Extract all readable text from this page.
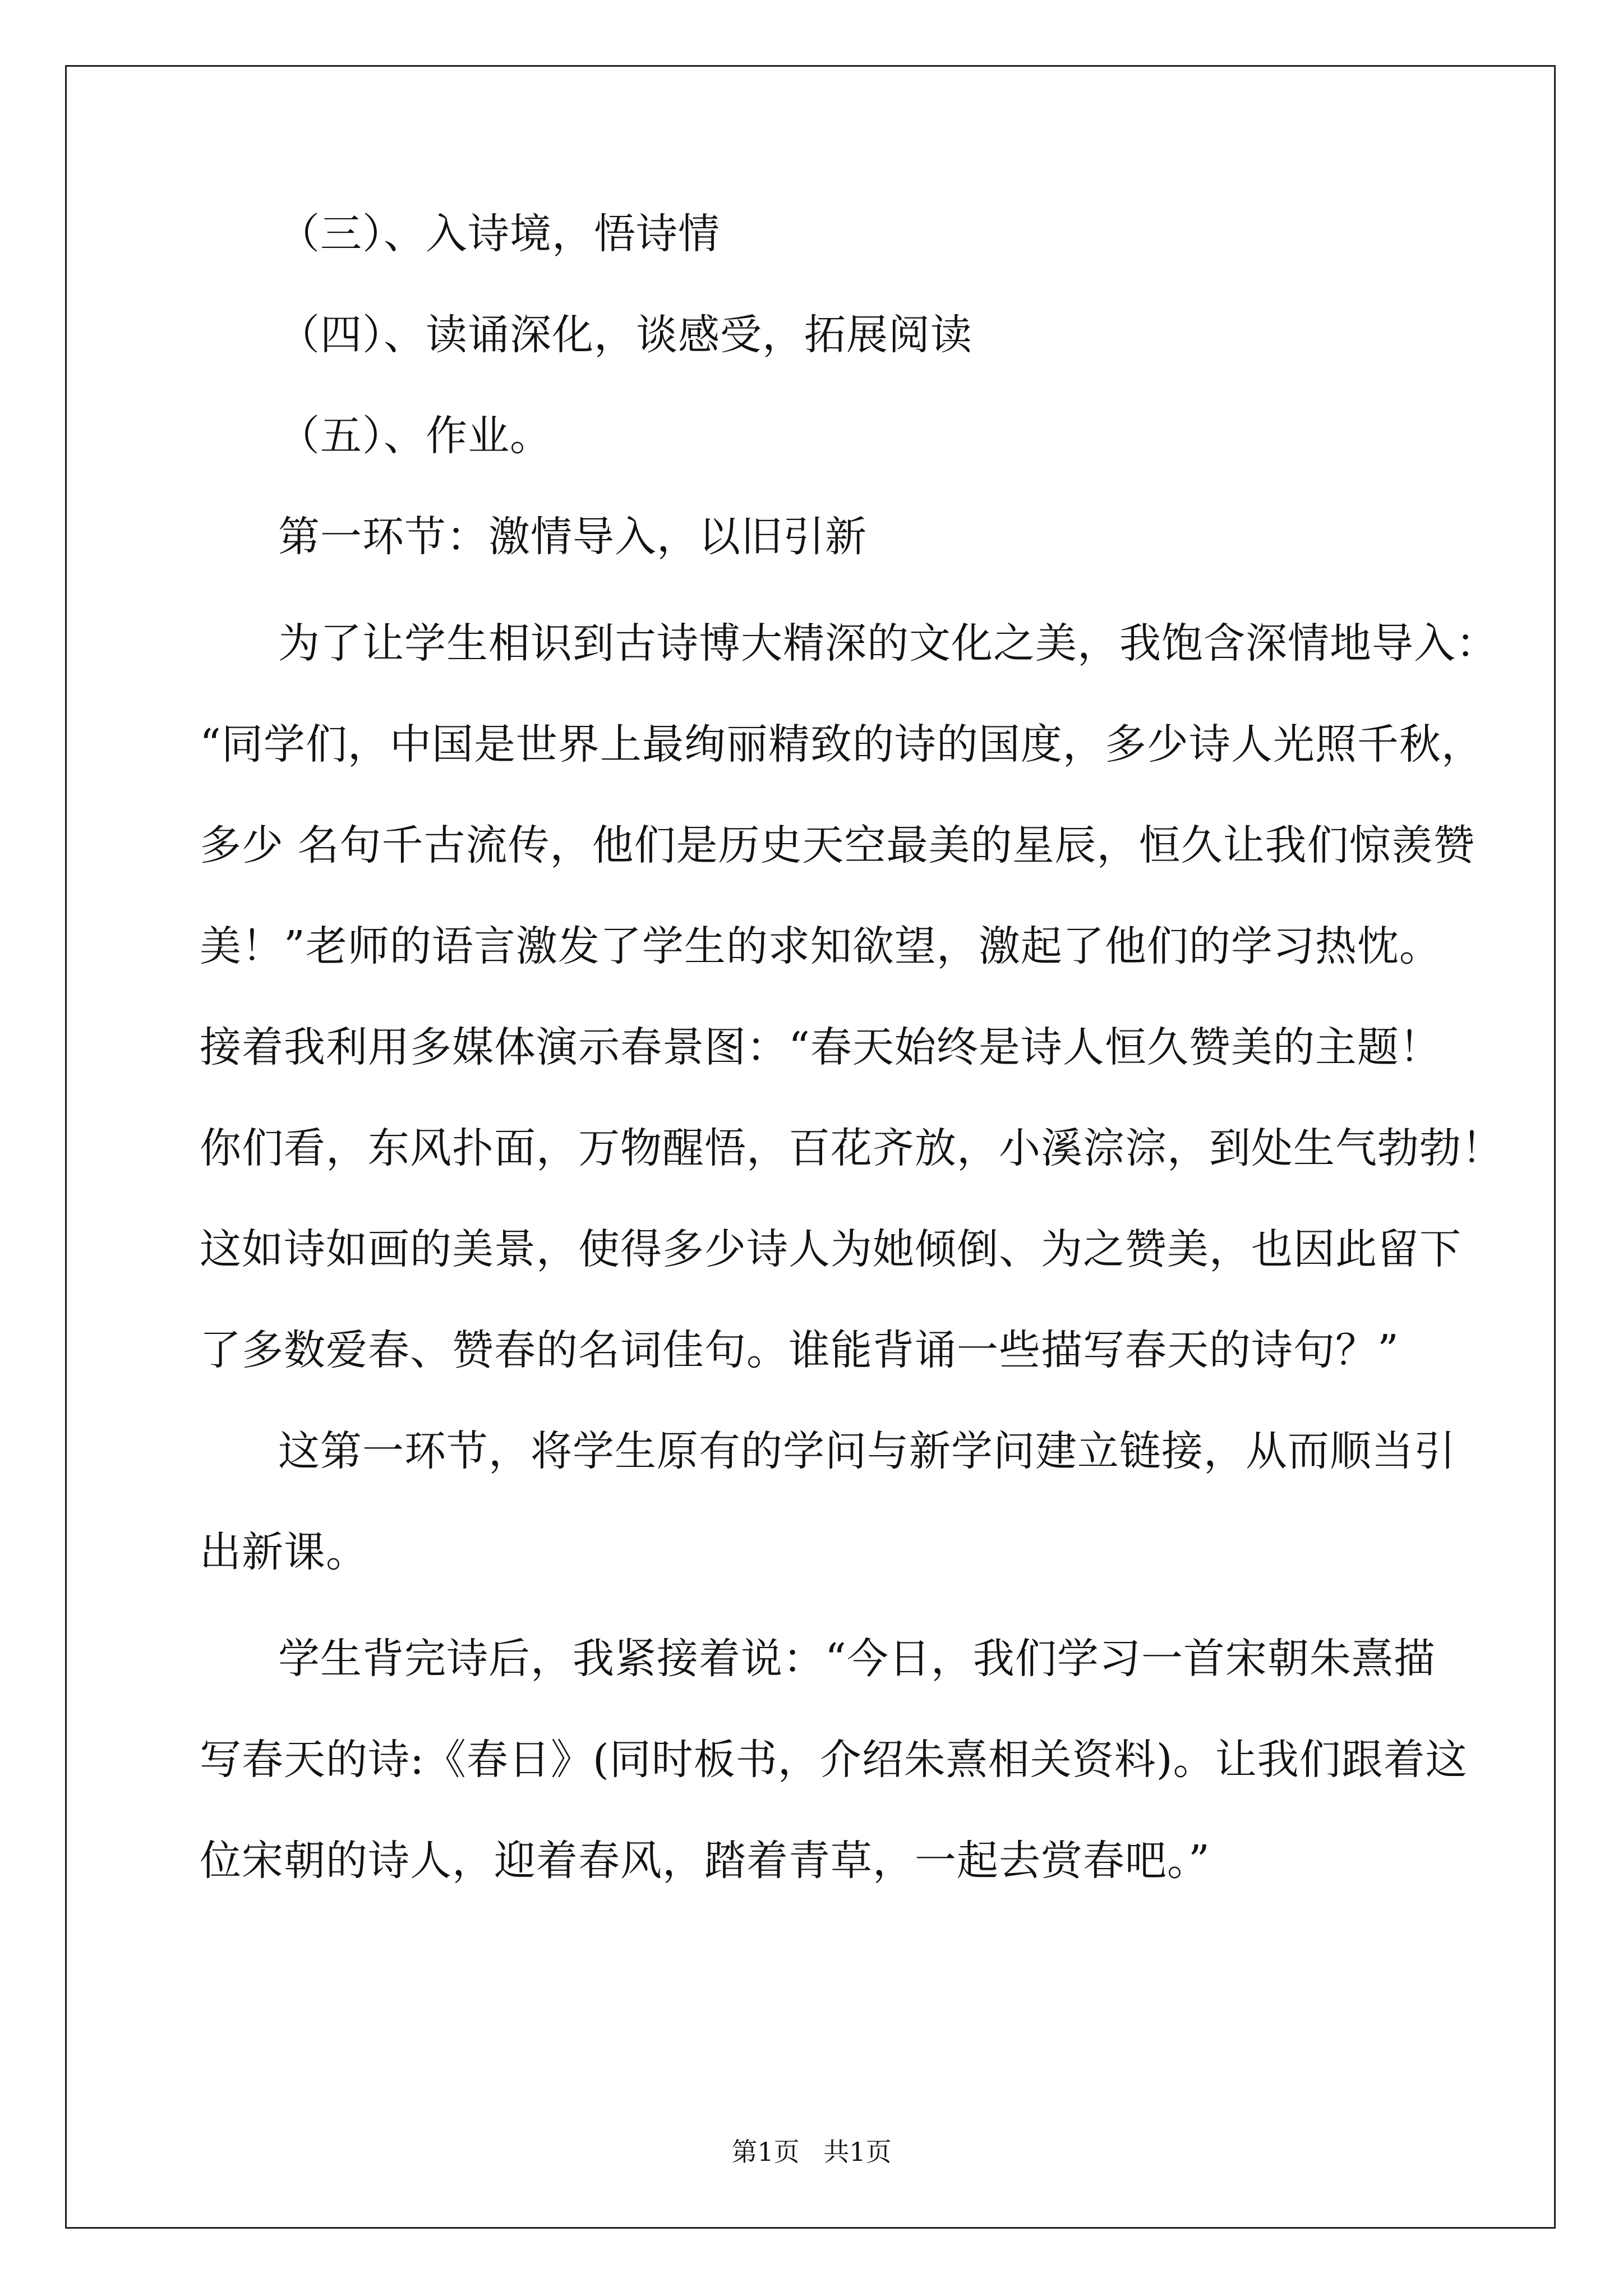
（三）、入诗境，悟诗情
（四）、读诵深化，谈感受，拓展阅读
（五）、作业。
第一环节：激情导入，以旧引新
为了让学生相识到古诗博大精深的文化之美，我饱含深情地导入：
“同学们，中国是世界上最绚丽精致的诗的国度，多少诗人光照千秋，
多少 名句千古流传，他们是历史天空最美的星辰，恒久让我们惊羡赞
美！”老师的语言激发了学生的求知欲望，激起了他们的学习热忱。
接着我利用多媒体演示春景图：“春天始终是诗人恒久赞美的主题！
你们看，东风扑面，万物醒悟，百花齐放，小溪淙淙，到处生气勃勃！
这如诗如画的美景，使得多少诗人为她倾倒、为之赞美，也因此留下
了多数爱春、赞春的名词佳句。谁能背诵一些描写春天的诗句？”
这第一环节，将学生原有的学问与新学问建立链接，从而顺当引
出新课。
学生背完诗后，我紧接着说：“今日，我们学习一首宋朝朱熹描
写春天的诗:《春日》(同时板书，介绍朱熹相关资料)。让我们跟着这
位宋朝的诗人，迎着春风，踏着青草，一起去赏春吧。”
第1页 共1页
